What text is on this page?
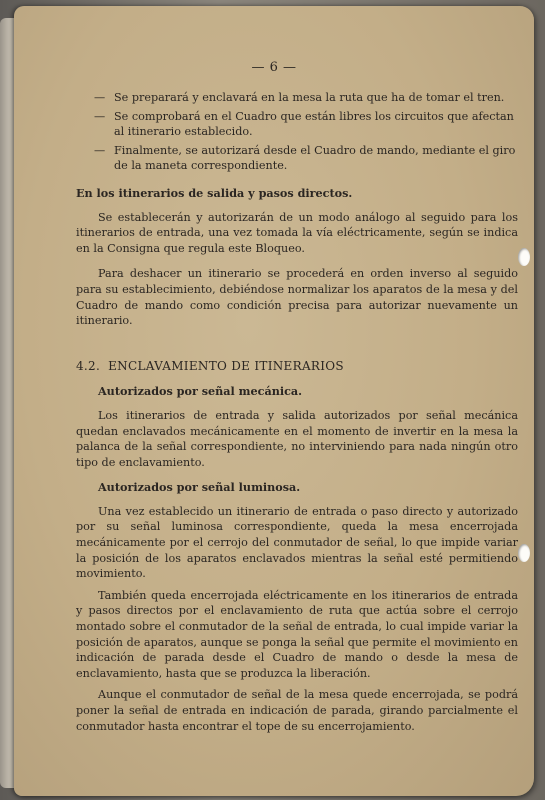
— 6 —
— Se preparará y enclavará en la mesa la ruta que ha de tomar el tren.
— Se comprobará en el Cuadro que están libres los circuitos que afectan al itinerario establecido.
— Finalmente, se autorizará desde el Cuadro de mando, mediante el giro de la maneta correspondiente.
En los itinerarios de salida y pasos directos.

Se establecerán y autorizarán de un modo análogo al seguido para los itinerarios de entrada, una vez tomada la vía eléctricamente, según se indica en la Consigna que regula este Bloqueo.

Para deshacer un itinerario se procederá en orden inverso al seguido para su establecimiento, debiéndose normalizar los aparatos de la mesa y del Cuadro de mando como condición precisa para autorizar nuevamente un itinerario.

4.2. ENCLAVAMIENTO DE ITINERARIOS
Autorizados por señal mecánica.

Los itinerarios de entrada y salida autorizados por señal mecánica quedan enclavados mecánicamente en el momento de invertir en la mesa la palanca de la señal correspondiente, no interviniendo para nada ningún otro tipo de enclavamiento.

Autorizados por señal luminosa.

Una vez establecido un itinerario de entrada o paso directo y autorizado por su señal luminosa correspondiente, queda la mesa encerrojada mecánicamente por el cerrojo del conmutador de señal, lo que impide variar la posición de los aparatos enclavados mientras la señal esté permitiendo movimiento.

También queda encerrojada eléctricamente en los itinerarios de entrada y pasos directos por el enclavamiento de ruta que actúa sobre el cerrojo montado sobre el conmutador de la señal de entrada, lo cual impide variar la posición de aparatos, aunque se ponga la señal que permite el movimiento en indicación de parada desde el Cuadro de mando o desde la mesa de enclavamiento, hasta que se produzca la liberación.

Aunque el conmutador de señal de la mesa quede encerrojada, se podrá poner la señal de entrada en indicación de parada, girando parcialmente el conmutador hasta encontrar el tope de su encerrojamiento.
